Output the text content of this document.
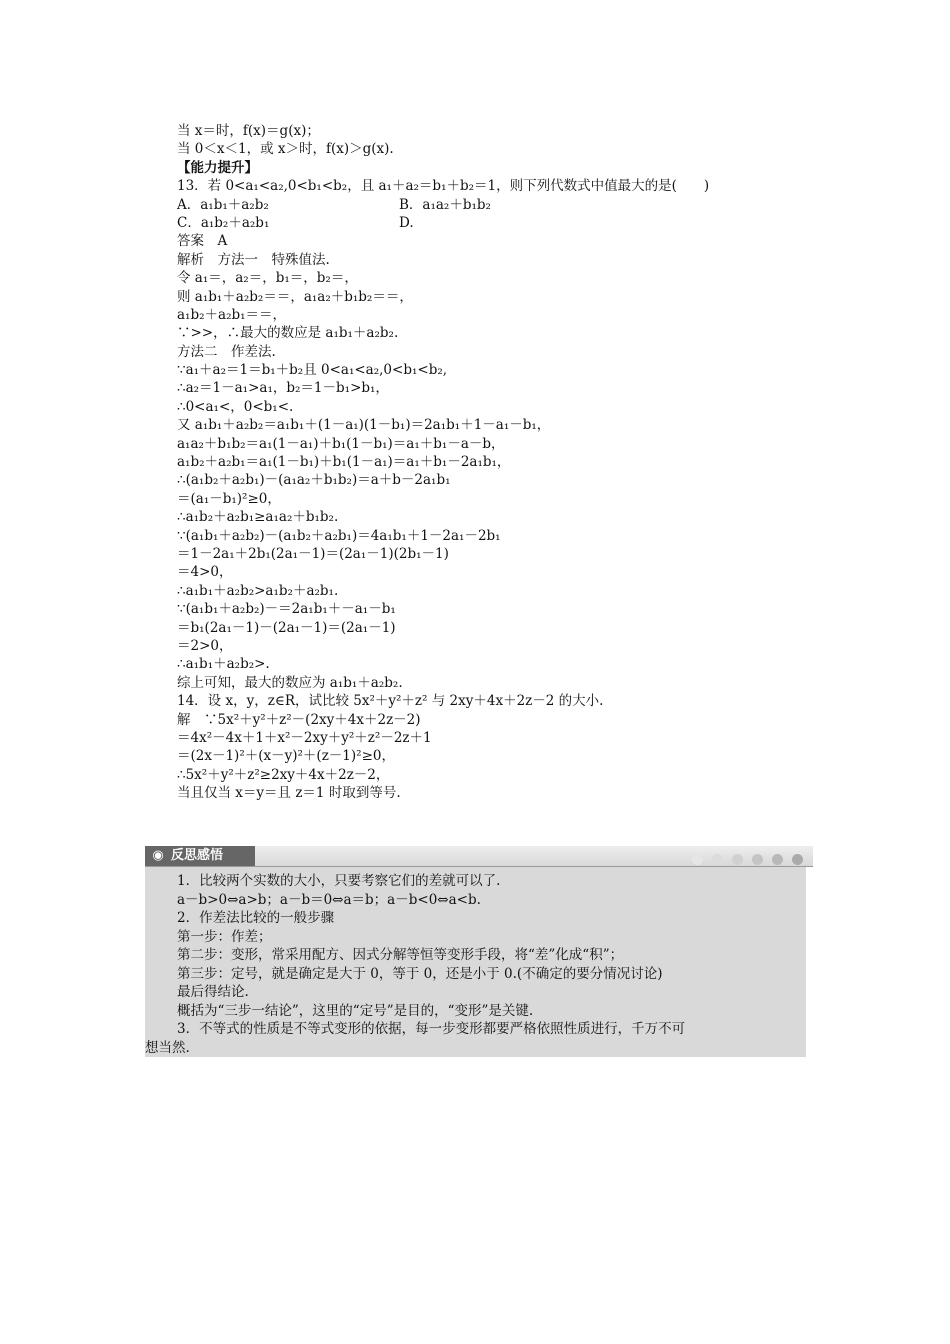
当 x＝时，f(x)＝g(x)；
当 0＜x＜1，或 x＞时，f(x)＞g(x).
【能力提升】
13．若 0<a₁<a₂,0<b₁<b₂，且 a₁＋a₂＝b₁＋b₂＝1，则下列代数式中值最大的是(　　)
A．a₁b₁＋a₂b₂	B．a₁a₂＋b₁b₂
C．a₁b₂＋a₂b₁	D.
答案　A
解析　方法一　特殊值法.
令 a₁＝，a₂＝，b₁＝，b₂＝，
则 a₁b₁＋a₂b₂＝＝，a₁a₂＋b₁b₂＝＝，
a₁b₂＋a₂b₁＝＝，
∵>>，∴最大的数应是 a₁b₁＋a₂b₂.
方法二　作差法.
∵a₁＋a₂＝1＝b₁＋b₂且 0<a₁<a₂,0<b₁<b₂,
∴a₂＝1－a₁>a₁，b₂＝1－b₁>b₁，
∴0<a₁<，0<b₁<.
又 a₁b₁＋a₂b₂＝a₁b₁＋(1－a₁)(1－b₁)＝2a₁b₁＋1－a₁－b₁，
a₁a₂＋b₁b₂＝a₁(1－a₁)＋b₁(1－b₁)＝a₁＋b₁－a－b，
a₁b₂＋a₂b₁＝a₁(1－b₁)＋b₁(1－a₁)＝a₁＋b₁－2a₁b₁，
∴(a₁b₂＋a₂b₁)－(a₁a₂＋b₁b₂)＝a＋b－2a₁b₁
＝(a₁－b₁)²≥0，
∴a₁b₂＋a₂b₁≥a₁a₂＋b₁b₂.
∵(a₁b₁＋a₂b₂)－(a₁b₂＋a₂b₁)＝4a₁b₁＋1－2a₁－2b₁
＝1－2a₁＋2b₁(2a₁－1)＝(2a₁－1)(2b₁－1)
＝4>0，
∴a₁b₁＋a₂b₂>a₁b₂＋a₂b₁.
∵(a₁b₁＋a₂b₂)－＝2a₁b₁＋－a₁－b₁
＝b₁(2a₁－1)－(2a₁－1)＝(2a₁－1)
＝2>0，
∴a₁b₁＋a₂b₂>.
综上可知，最大的数应为 a₁b₁＋a₂b₂.
14．设 x，y，z∈R，试比较 5x²＋y²＋z² 与 2xy＋4x＋2z－2 的大小.
解　∵5x²＋y²＋z²－(2xy＋4x＋2z－2)
＝4x²－4x＋1＋x²－2xy＋y²＋z²－2z＋1
＝(2x－1)²＋(x－y)²＋(z－1)²≥0，
∴5x²＋y²＋z²≥2xy＋4x＋2z－2，
当且仅当 x＝y＝且 z＝1 时取到等号.
◉ 反思感悟
1．比较两个实数的大小，只要考察它们的差就可以了.
a－b>0⇔a>b；a－b＝0⇔a＝b；a－b<0⇔a<b.
2．作差法比较的一般步骤
第一步：作差；
第二步：变形，常采用配方、因式分解等恒等变形手段，将“差”化成“积”；
第三步：定号，就是确定是大于 0，等于 0，还是小于 0.(不确定的要分情况讨论)
最后得结论.
概括为“三步一结论”，这里的“定号”是目的，“变形”是关键.
3．不等式的性质是不等式变形的依据，每一步变形都要严格依照性质进行，千万不可
想当然.
